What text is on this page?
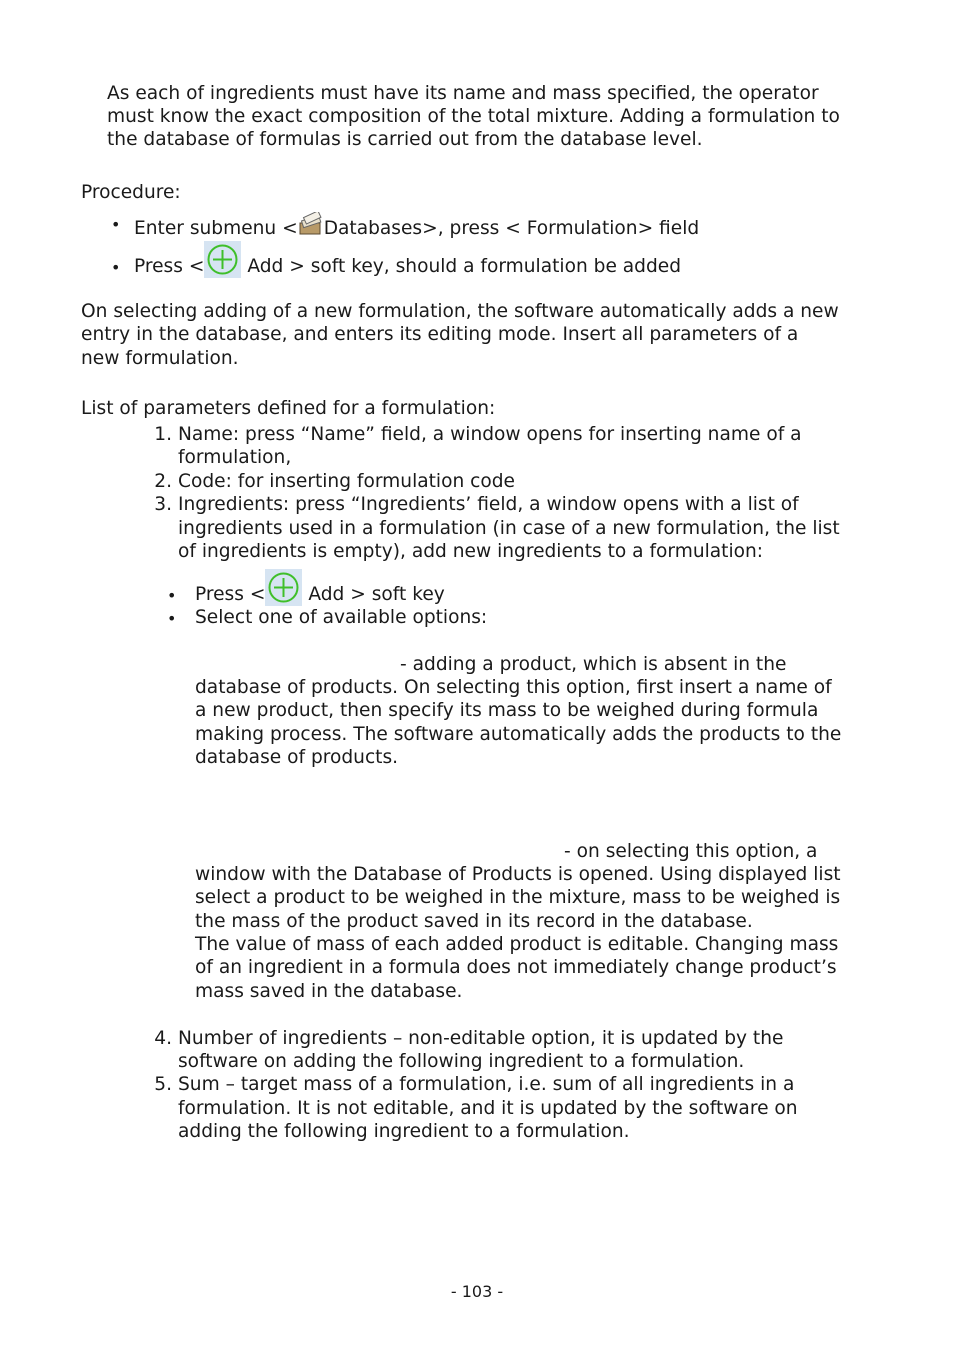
As each of ingredients must have its name and mass specified, the operator
must know the exact composition of the total mixture. Adding a formulation to
the database of formulas is carried out from the database level.
Procedure:
• Enter submenu < Databases>, press < Formulation> field
• Press <
Add > soft key, should a formulation be added
On selecting adding of a new formulation, the software automatically adds a new
entry in the database, and enters its editing mode. Insert all parameters of a
new formulation.
List of parameters defined for a formulation:
1. Name: press “Name” field, a window opens for inserting name of a
formulation,
2. Code: for inserting formulation code
3. Ingredients: press “Ingredients’ field, a window opens with a list of
ingredients used in a formulation (in case of a new formulation, the list
of ingredients is empty), add new ingredients to a formulation:
• Press <
Add > soft key
• Select one of available options:
- adding a product, which is absent in the
database of products. On selecting this option, first insert a name of
a new product, then specify its mass to be weighed during formula
making process. The software automatically adds the products to the
database of products.
- on selecting this option, a
window with the Database of Products is opened. Using displayed list
select a product to be weighed in the mixture, mass to be weighed is
the mass of the product saved in its record in the database.
The value of mass of each added product is editable. Changing mass
of an ingredient in a formula does not immediately change product’s
mass saved in the database.
4. Number of ingredients – non-editable option, it is updated by the
software on adding the following ingredient to a formulation.
5. Sum – target mass of a formulation, i.e. sum of all ingredients in a
formulation. It is not editable, and it is updated by the software on
adding the following ingredient to a formulation.
- 103 -
